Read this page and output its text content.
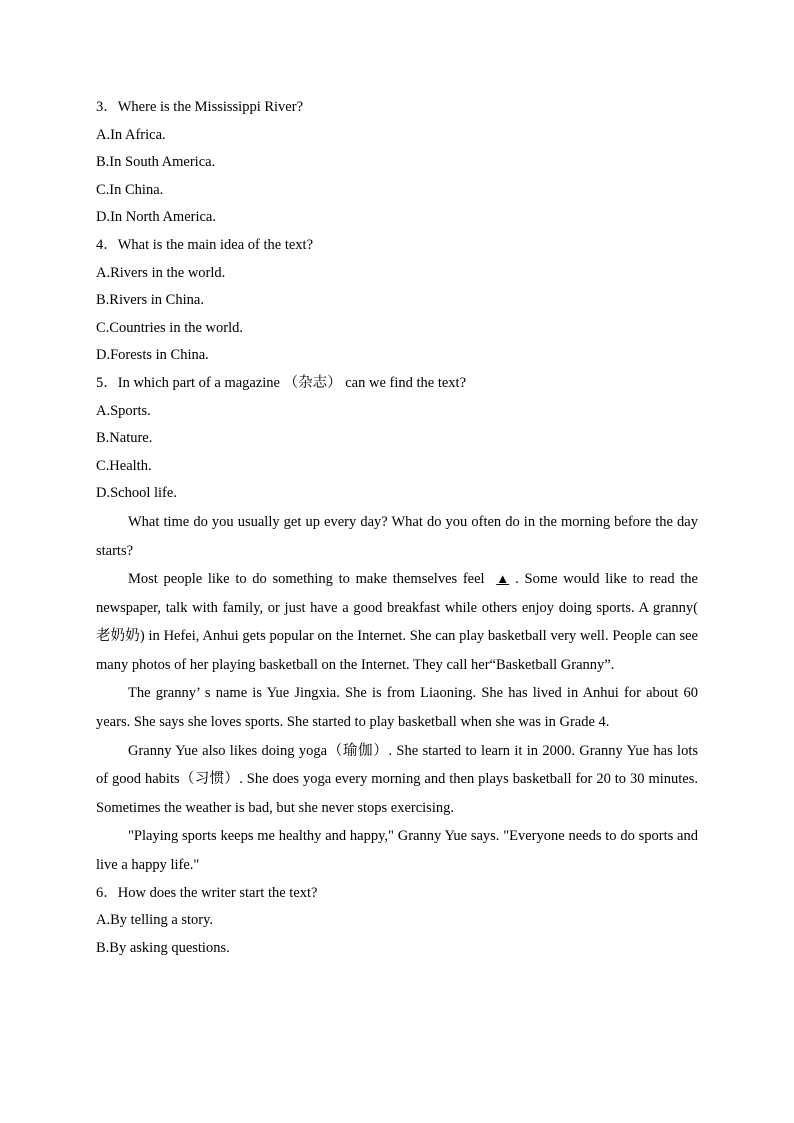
3．Where is the Mississippi River?
A.In Africa.
B.In South America.
C.In China.
D.In North America.
4．What is the main idea of the text?
A.Rivers in the world.
B.Rivers in China.
C.Countries in the world.
D.Forests in China.
5．In which part of a magazine （杂志） can we find the text?
A.Sports.
B.Nature.
C.Health.
D.School life.

What time do you usually get up every day? What do you often do in the morning before the day starts?

Most people like to do something to make themselves feel ▲ . Some would like to read the newspaper, talk with family, or just have a good breakfast while others enjoy doing sports. A granny( 老奶奶) in Hefei, Anhui gets popular on the Internet. She can play basketball very well. People can see many photos of her playing basketball on the Internet. They call her“Basketball Granny”.

The granny’ s name is Yue Jingxia. She is from Liaoning. She has lived in Anhui for about 60 years. She says she loves sports. She started to play basketball when she was in Grade 4.

Granny Yue also likes doing yoga（瑜伽）. She started to learn it in 2000. Granny Yue has lots of good habits（习惯）. She does yoga every morning and then plays basketball for 20 to 30 minutes. Sometimes the weather is bad, but she never stops exercising.

"Playing sports keeps me healthy and happy," Granny Yue says. "Everyone needs to do sports and live a happy life."

6．How does the writer start the text?
A.By telling a story.
B.By asking questions.
